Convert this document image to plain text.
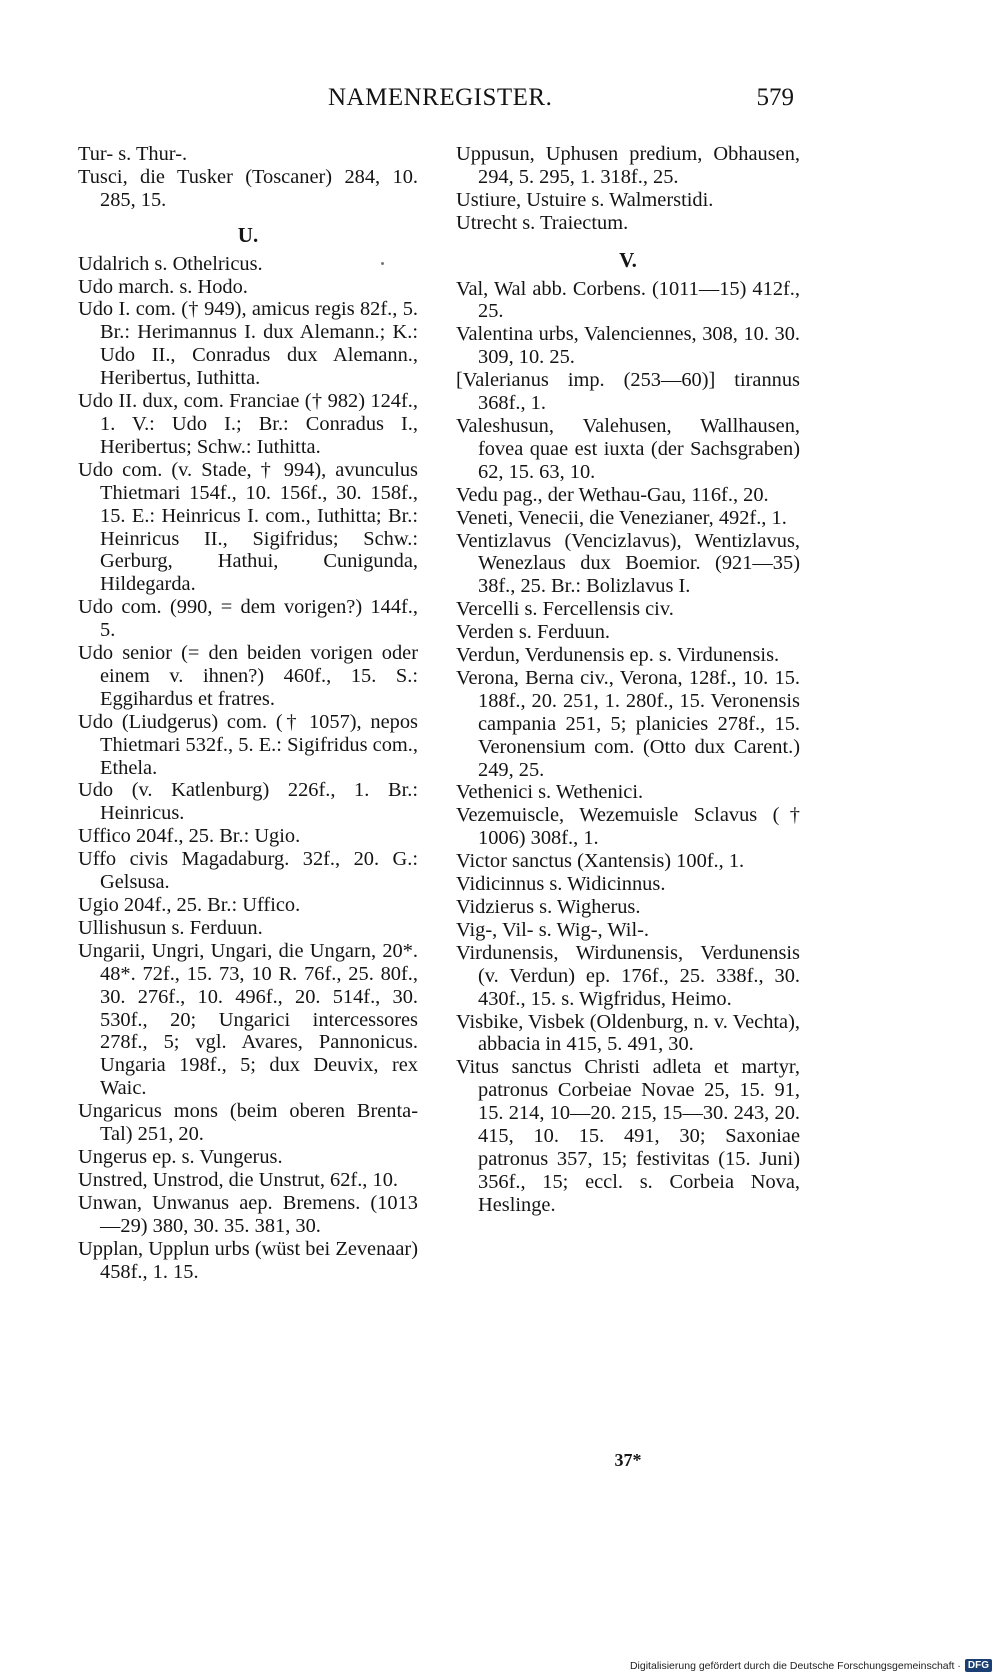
NAMENREGISTER.	579
Tur- s. Thur-.
Tusci, die Tusker (Toscaner) 284, 10. 285, 15.
U.
Udalrich s. Othelricus.
Udo march. s. Hodo.
Udo I. com. († 949), amicus regis 82f., 5. Br.: Herimannus I. dux Alemann.; K.: Udo II., Conradus dux Alemann., Heribertus, Iuthitta.
Udo II. dux, com. Franciae († 982) 124f., 1. V.: Udo I.; Br.: Conradus I., Heribertus; Schw.: Iuthitta.
Udo com. (v. Stade, † 994), avunculus Thietmari 154f., 10. 156f., 30. 158f., 15. E.: Heinricus I. com., Iuthitta; Br.: Heinricus II., Sigifridus; Schw.: Gerburg, Hathui, Cunigunda, Hildegarda.
Udo com. (990, = dem vorigen?) 144f., 5.
Udo senior (= den beiden vorigen oder einem v. ihnen?) 460f., 15. S.: Eggihardus et fratres.
Udo (Liudgerus) com. († 1057), nepos Thietmari 532f., 5. E.: Sigifridus com., Ethela.
Udo (v. Katlenburg) 226f., 1. Br.: Heinricus.
Uffico 204f., 25. Br.: Ugio.
Uffo civis Magadaburg. 32f., 20. G.: Gelsusa.
Ugio 204f., 25. Br.: Uffico.
Ullishusun s. Ferduun.
Ungarii, Ungri, Ungari, die Ungarn, 20*. 48*. 72f., 15. 73, 10 R. 76f., 25. 80f., 30. 276f., 10. 496f., 20. 514f., 30. 530f., 20; Ungarici intercessores 278f., 5; vgl. Avares, Pannonicus. Ungaria 198f., 5; dux Deuvix, rex Waic.
Ungaricus mons (beim oberen Brenta-Tal) 251, 20.
Ungerus ep. s. Vungerus.
Unstred, Unstrod, die Unstrut, 62f., 10.
Unwan, Unwanus aep. Bremens. (1013—29) 380, 30. 35. 381, 30.
Upplan, Upplun urbs (wüst bei Zevenaar) 458f., 1. 15.
Uppusun, Uphusen predium, Obhausen, 294, 5. 295, 1. 318f., 25.
Ustiure, Ustuire s. Walmerstidi.
Utrecht s. Traiectum.
V.
Val, Wal abb. Corbens. (1011—15) 412f., 25.
Valentina urbs, Valenciennes, 308, 10. 30. 309, 10. 25.
[Valerianus imp. (253—60)] tirannus 368f., 1.
Valeshusun, Valehusen, Wallhausen, fovea quae est iuxta (der Sachsgraben) 62, 15. 63, 10.
Vedu pag., der Wethau-Gau, 116f., 20.
Veneti, Venecii, die Venezianer, 492f., 1.
Ventizlavus (Vencizlavus), Wentizlavus, Wenezlaus dux Boemior. (921—35) 38f., 25. Br.: Bolizlavus I.
Vercelli s. Fercellensis civ.
Verden s. Ferduun.
Verdun, Verdunensis ep. s. Virdunensis.
Verona, Berna civ., Verona, 128f., 10. 15. 188f., 20. 251, 1. 280f., 15. Veronensis campania 251, 5; planicies 278f., 15. Veronensium com. (Otto dux Carent.) 249, 25.
Vethenici s. Wethenici.
Vezemuiscle, Wezemuisle Sclavus († 1006) 308f., 1.
Victor sanctus (Xantensis) 100f., 1.
Vidicinnus s. Widicinnus.
Vidzierus s. Wigherus.
Vig-, Vil- s. Wig-, Wil-.
Virdunensis, Wirdunensis, Verdunensis (v. Verdun) ep. 176f., 25. 338f., 30. 430f., 15. s. Wigfridus, Heimo.
Visbike, Visbek (Oldenburg, n. v. Vechta), abbacia in 415, 5. 491, 30.
Vitus sanctus Christi adleta et martyr, patronus Corbeiae Novae 25, 15. 91, 15. 214, 10—20. 215, 15—30. 243, 20. 415, 10. 15. 491, 30; Saxoniae patronus 357, 15; festivitas (15. Juni) 356f., 15; eccl. s. Corbeia Nova, Heslinge.
37*
Digitalisierung gefördert durch die Deutsche Forschungsgemeinschaft · DFG
